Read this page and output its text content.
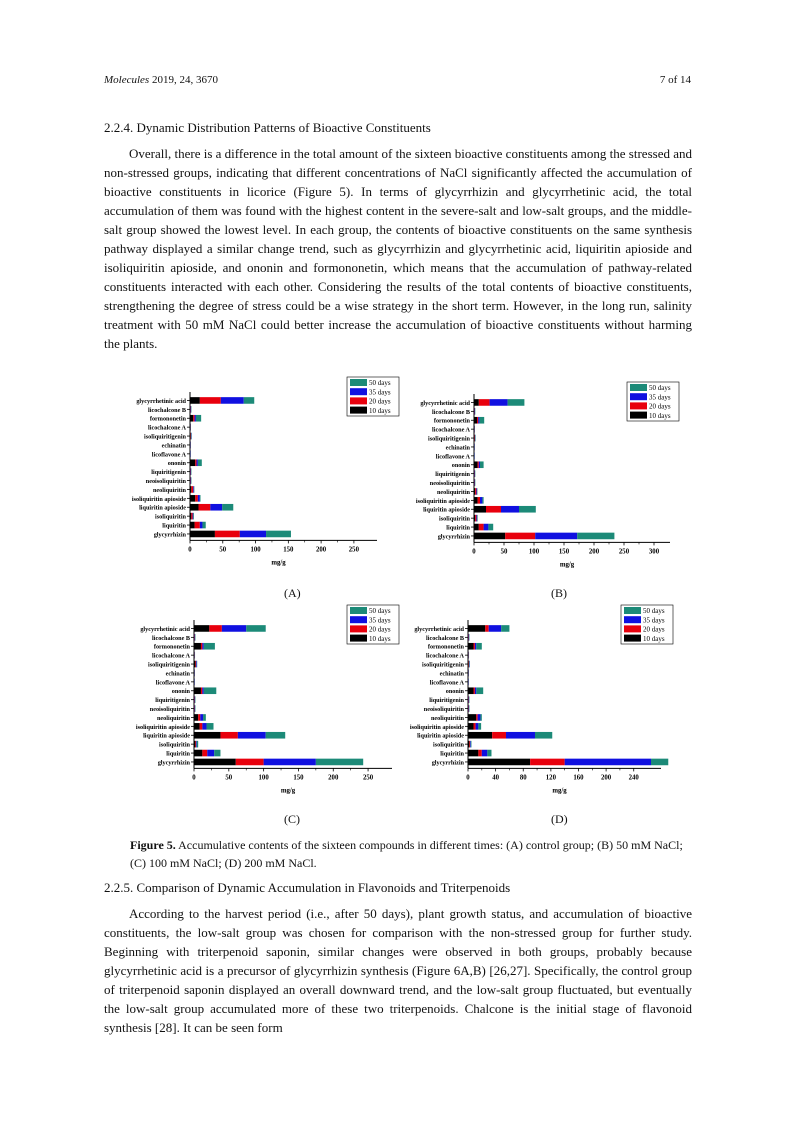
Molecules 2019, 24, 3670	7 of 14
2.2.4. Dynamic Distribution Patterns of Bioactive Constituents

Overall, there is a difference in the total amount of the sixteen bioactive constituents among the stressed and non-stressed groups, indicating that different concentrations of NaCl significantly affected the accumulation of bioactive constituents in licorice (Figure 5). In terms of glycyrrhizin and glycyrrhetinic acid, the total accumulation of them was found with the highest content in the severe-salt and low-salt groups, and the middle-salt group showed the lowest level. In each group, the contents of bioactive constituents on the same synthesis pathway displayed a similar change trend, such as glycyrrhizin and glycyrrhetinic acid, liquiritin apioside and isoliquiritin apioside, and ononin and formononetin, which means that the accumulation of pathway-related constituents interacted with each other. Considering the results of the total contents of bioactive constituents, strengthening the degree of stress could be a wise strategy in the short term. However, in the long run, salinity treatment with 50 mM NaCl could better increase the accumulation of bioactive constituents without harming the plants.

glycyrrhetinic acid
licochalcone B
formononetin
licochalcone A
isoliquiritigenin
echinatin
licoflavone A
ononin
liquiritigenin
neoisoliquiritin
neoliquiritin
isoliquiritin apioside
liquiritin apioside
isoliquiritin
liquiritin
glycyrrhizin
0	50	100	150	200	250
mg/g
50 days
35 days
20 days
10 days
glycyrrhetinic acid
licochalcone B
formononetin
licochalcone A
isoliquiritigenin
echinatin
licoflavone A
ononin
liquiritigenin
neoisoliquiritin
neoliquiritin
isoliquiritin apioside
liquiritin apioside
isoliquiritin
liquiritin
glycyrrhizin
0	50	100	150	200	250	300
mg/g
50 days
35 days
20 days
10 days
glycyrrhetinic acid
licochalcone B
formononetin
licochalcone A
isoliquiritigenin
echinatin
licoflavone A
ononin
liquiritigenin
neoisoliquiritin
neoliquiritin
isoliquiritin apioside
liquiritin apioside
isoliquiritin
liquiritin
glycyrrhizin
0	50	100	150	200	250
mg/g
50 days
35 days
20 days
10 days
glycyrrhetinic acid
licochalcone B
formononetin
licochalcone A
isoliquiritigenin
echinatin
licoflavone A
ononin
liquiritigenin
neoisoliquiritin
neoliquiritin
isoliquiritin apioside
liquiritin apioside
isoliquiritin
liquiritin
glycyrrhizin
0	40	80	120	160	200	240
mg/g
50 days
35 days
20 days
10 days
(A)	(B)
(C)	(D)

Figure 5. Accumulative contents of the sixteen compounds in different times: (A) control group; (B) 50 mM NaCl; (C) 100 mM NaCl; (D) 200 mM NaCl.

2.2.5. Comparison of Dynamic Accumulation in Flavonoids and Triterpenoids

According to the harvest period (i.e., after 50 days), plant growth status, and accumulation of bioactive constituents, the low-salt group was chosen for comparison with the non-stressed group for further study. Beginning with triterpenoid saponin, similar changes were observed in both groups, probably because glycyrrhetinic acid is a precursor of glycyrrhizin synthesis (Figure 6A,B) [26,27]. Specifically, the control group of triterpenoid saponin displayed an overall downward trend, and the low-salt group fluctuated, but eventually the low-salt group accumulated more of these two triterpenoids. Chalcone is the initial stage of flavonoid synthesis [28]. It can be seen form
